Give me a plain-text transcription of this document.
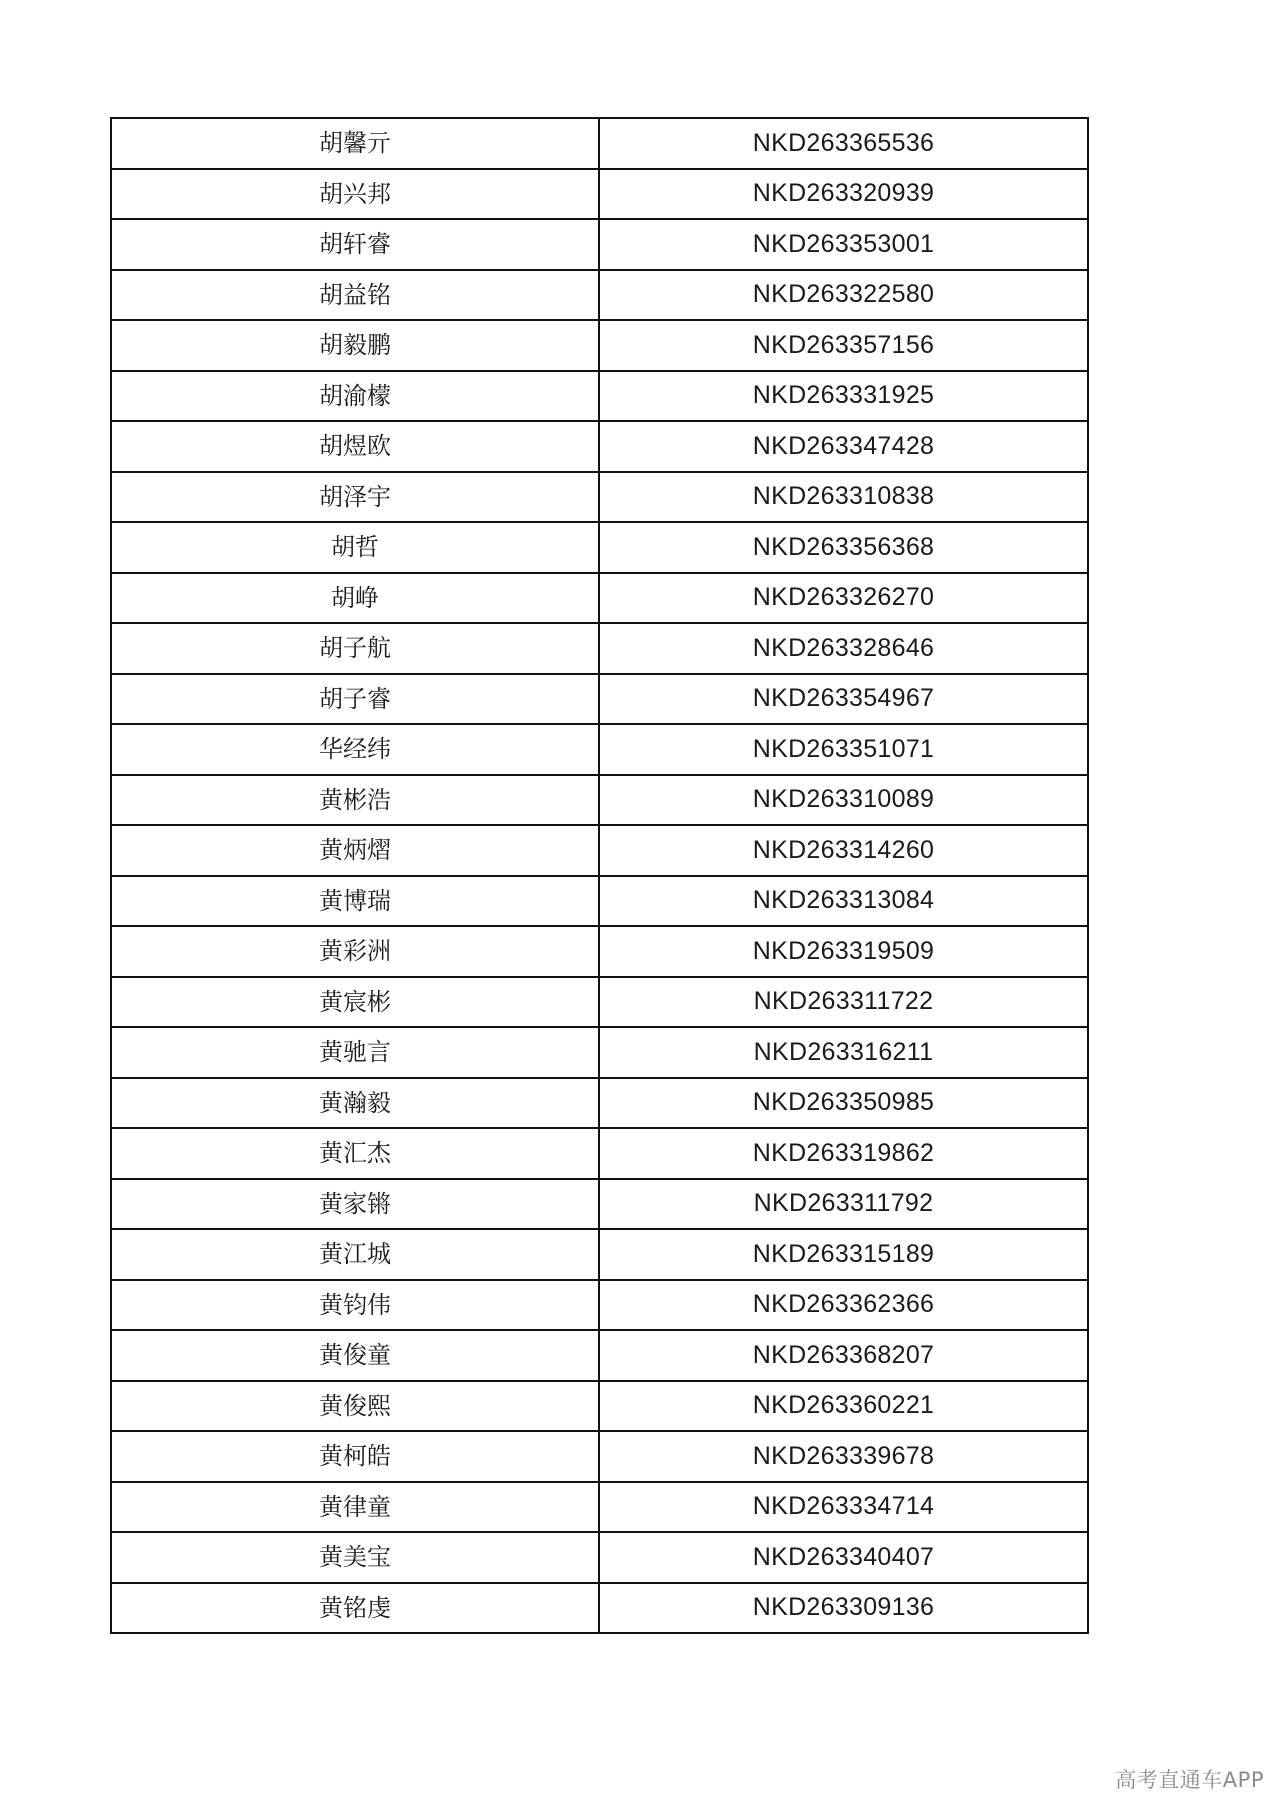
胡馨亓	NKD263365536
胡兴邦	NKD263320939
胡轩睿	NKD263353001
胡益铭	NKD263322580
胡毅鹏	NKD263357156
胡渝檬	NKD263331925
胡煜欧	NKD263347428
胡泽宇	NKD263310838
胡哲	NKD263356368
胡峥	NKD263326270
胡子航	NKD263328646
胡子睿	NKD263354967
华经纬	NKD263351071
黄彬浩	NKD263310089
黄炳熠	NKD263314260
黄博瑞	NKD263313084
黄彩洲	NKD263319509
黄宸彬	NKD263311722
黄驰言	NKD263316211
黄瀚毅	NKD263350985
黄汇杰	NKD263319862
黄家锵	NKD263311792
黄江城	NKD263315189
黄钧伟	NKD263362366
黄俊童	NKD263368207
黄俊熙	NKD263360221
黄柯皓	NKD263339678
黄律童	NKD263334714
黄美宝	NKD263340407
黄铭虔	NKD263309136
高考直通车APP
